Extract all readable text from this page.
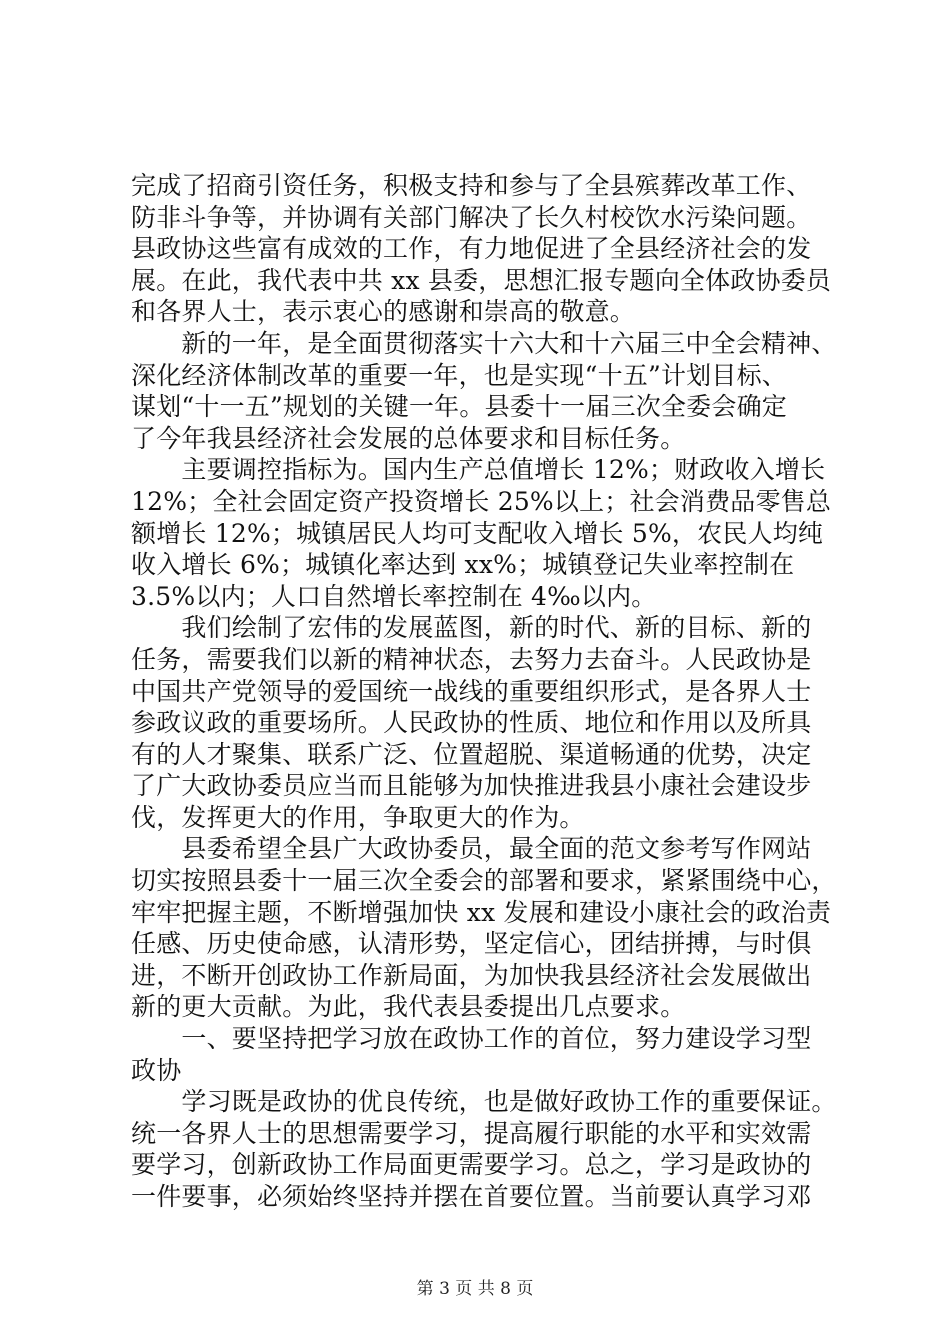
完成了招商引资任务，积极支持和参与了全县殡葬改革工作、
防非斗争等，并协调有关部门解决了长久村校饮水污染问题。
县政协这些富有成效的工作，有力地促进了全县经济社会的发
展。在此，我代表中共 xx 县委，思想汇报专题向全体政协委员
和各界人士，表示衷心的感谢和崇高的敬意。
　　新的一年，是全面贯彻落实十六大和十六届三中全会精神、
深化经济体制改革的重要一年，也是实现“十五”计划目标、
谋划“十一五”规划的关键一年。县委十一届三次全委会确定
了今年我县经济社会发展的总体要求和目标任务。
　　主要调控指标为。国内生产总值增长 12%；财政收入增长
12%；全社会固定资产投资增长 25%以上；社会消费品零售总
额增长 12%；城镇居民人均可支配收入增长 5%，农民人均纯
收入增长 6%；城镇化率达到 xx%；城镇登记失业率控制在
3.5%以内；人口自然增长率控制在 4‰以内。
　　我们绘制了宏伟的发展蓝图，新的时代、新的目标、新的
任务，需要我们以新的精神状态，去努力去奋斗。人民政协是
中国共产党领导的爱国统一战线的重要组织形式，是各界人士
参政议政的重要场所。人民政协的性质、地位和作用以及所具
有的人才聚集、联系广泛、位置超脱、渠道畅通的优势，决定
了广大政协委员应当而且能够为加快推进我县小康社会建设步
伐，发挥更大的作用，争取更大的作为。
　　县委希望全县广大政协委员，最全面的范文参考写作网站
切实按照县委十一届三次全委会的部署和要求，紧紧围绕中心，
牢牢把握主题，不断增强加快 xx 发展和建设小康社会的政治责
任感、历史使命感，认清形势，坚定信心，团结拼搏，与时俱
进，不断开创政协工作新局面，为加快我县经济社会发展做出
新的更大贡献。为此，我代表县委提出几点要求。
　　一、要坚持把学习放在政协工作的首位，努力建设学习型
政协
　　学习既是政协的优良传统，也是做好政协工作的重要保证。
统一各界人士的思想需要学习，提高履行职能的水平和实效需
要学习，创新政协工作局面更需要学习。总之，学习是政协的
一件要事，必须始终坚持并摆在首要位置。当前要认真学习邓
第 3 页 共 8 页
